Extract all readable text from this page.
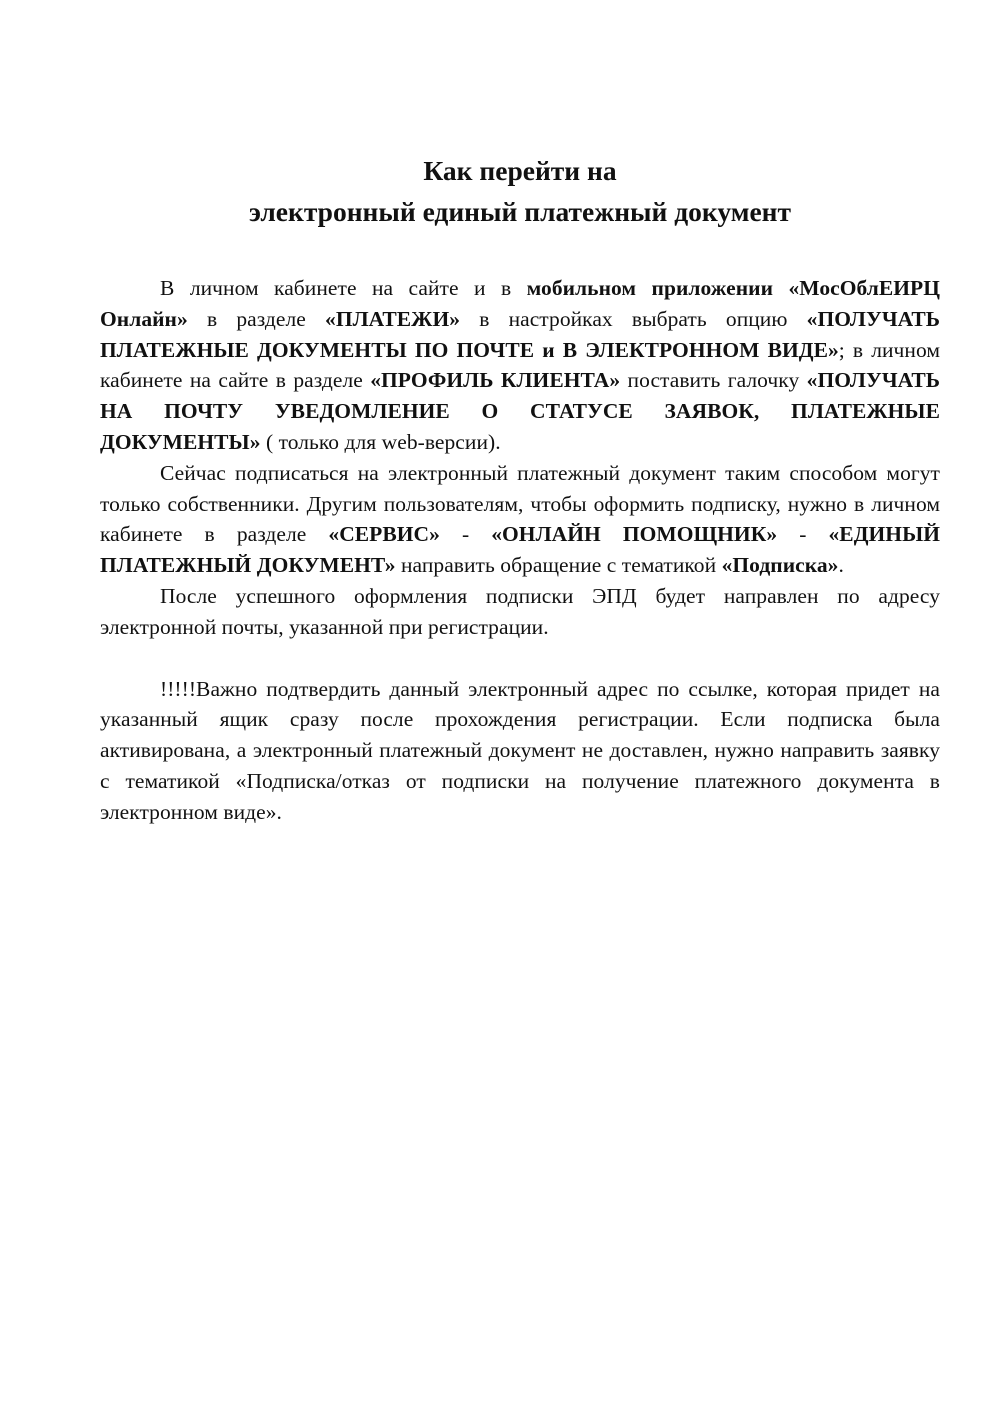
Как перейти на
электронный единый платежный документ

В личном кабинете на сайте и в мобильном приложении «МосОблЕИРЦ Онлайн» в разделе «ПЛАТЕЖИ» в настройках выбрать опцию «ПОЛУЧАТЬ ПЛАТЕЖНЫЕ ДОКУМЕНТЫ ПО ПОЧТЕ и В ЭЛЕКТРОННОМ ВИДЕ»; в личном кабинете на сайте в разделе «ПРОФИЛЬ КЛИЕНТА» поставить галочку «ПОЛУЧАТЬ НА ПОЧТУ УВЕДОМЛЕНИЕ О СТАТУСЕ ЗАЯВОК, ПЛАТЕЖНЫЕ ДОКУМЕНТЫ» ( только для web-версии).

Сейчас подписаться на электронный платежный документ таким способом могут только собственники. Другим пользователям, чтобы оформить подписку, нужно в личном кабинете в разделе «СЕРВИС» - «ОНЛАЙН ПОМОЩНИК» - «ЕДИНЫЙ ПЛАТЕЖНЫЙ ДОКУМЕНТ» направить обращение с тематикой «Подписка».

После успешного оформления подписки ЭПД будет направлен по адресу электронной почты, указанной при регистрации.

!!!!!Важно подтвердить данный электронный адрес по ссылке, которая придет на указанный ящик сразу после прохождения регистрации. Если подписка была активирована, а электронный платежный документ не доставлен, нужно направить заявку с тематикой «Подписка/отказ от подписки на получение платежного документа в электронном виде».
